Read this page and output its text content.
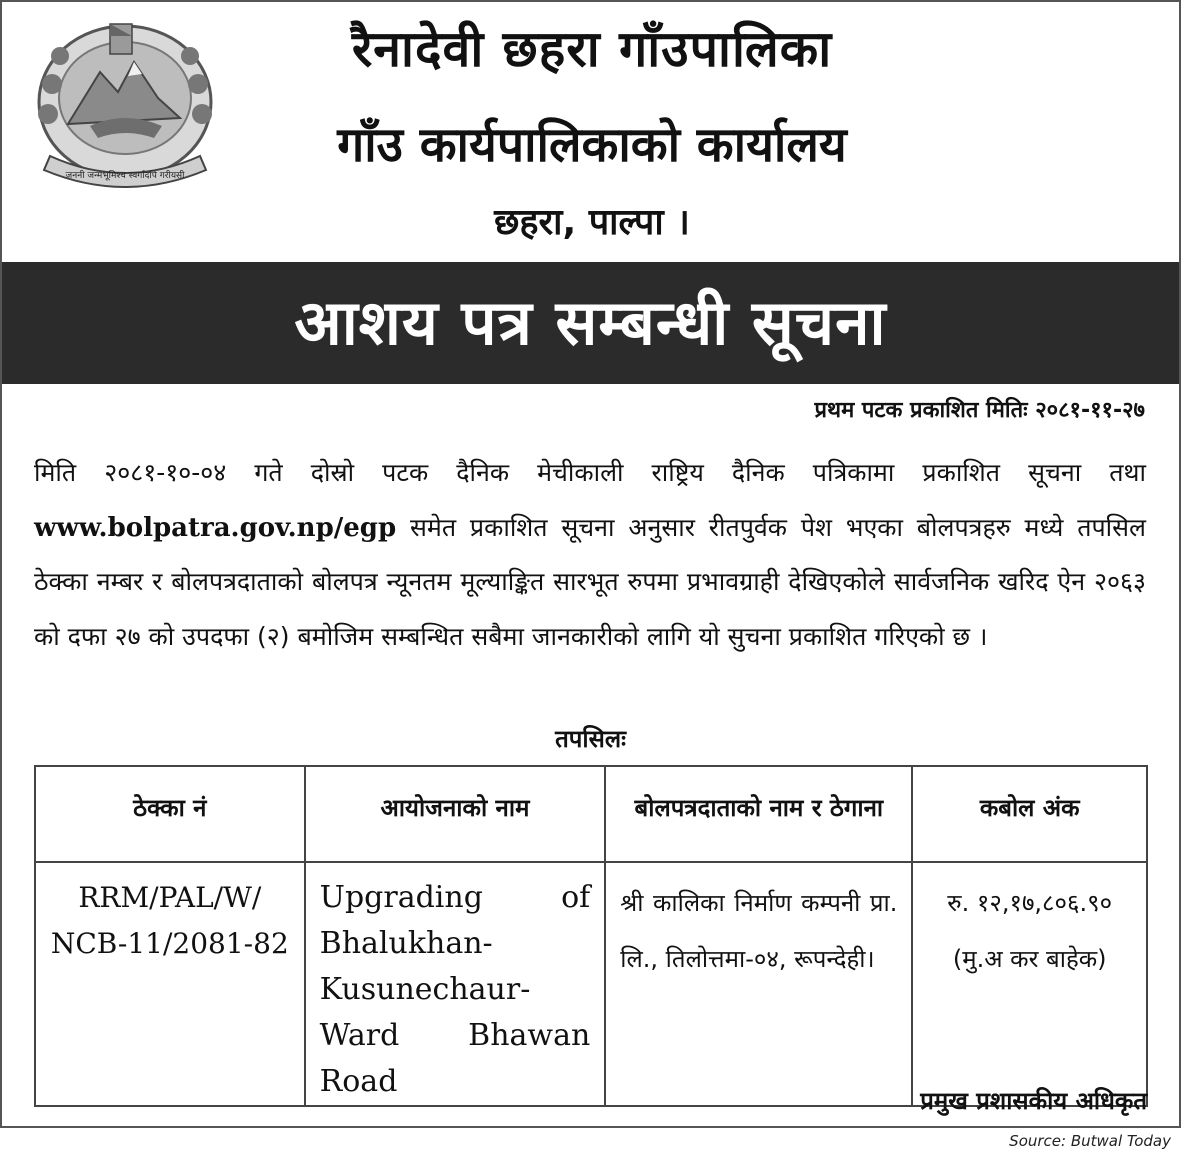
जननी जन्मभूमिश्च स्वर्गादपि गरीयसी
रैनादेवी छहरा गाँउपालिका
गाँउ कार्यपालिकाको कार्यालय
छहरा, पाल्पा ।
आशय पत्र सम्बन्धी सूचना
प्रथम पटक प्रकाशित मितिः २०८१-११-२७
मिति २०८१-१०-०४ गते दोस्रो पटक दैनिक मेचीकाली राष्ट्रिय दैनिक पत्रिकामा प्रकाशित सूचना तथा www.bolpatra.gov.np/egp समेत प्रकाशित सूचना अनुसार रीतपुर्वक पेश भएका बोलपत्रहरु मध्ये तपसिल ठेक्का नम्बर र बोलपत्रदाताको बोलपत्र न्यूनतम मूल्याङ्कित सारभूत रुपमा प्रभावग्राही देखिएकोले सार्वजनिक खरिद ऐन २०६३ को दफा २७ को उपदफा (२) बमोजिम सम्बन्धित सबैमा जानकारीको लागि यो सुचना प्रकाशित गरिएको छ ।
तपसिलः
ठेक्का नं	आयोजनाको नाम	बोलपत्रदाताको नाम र ठेगाना	कबोल अंक
RRM/PAL/W/ NCB-11/2081-82	Upgrading of Bhalukhan-Kusunechaur-Ward Bhawan Road	श्री कालिका निर्माण कम्पनी प्रा. लि., तिलोत्तमा-०४, रूपन्देही।	रु. १२,१७,८०६.९०
(मु.अ कर बाहेक)
प्रमुख प्रशासकीय अधिकृत
Source: Butwal Today
